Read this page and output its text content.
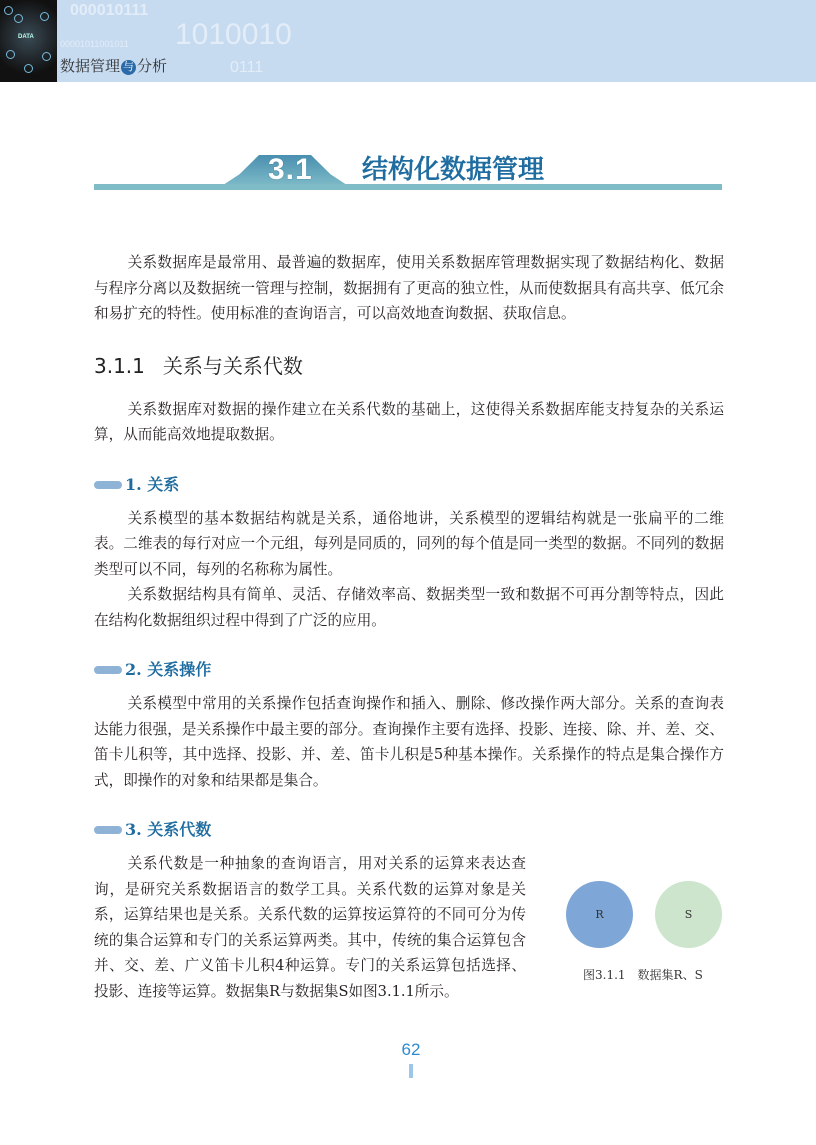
DATA
000010111
1010010
00001011001011
0111
数据管理 与 分析
3.1 结构化数据管理

关系数据库是最常用、最普遍的数据库，使用关系数据库管理数据实现了数据结构化、数据与程序分离以及数据统一管理与控制，数据拥有了更高的独立性，从而使数据具有高共享、低冗余和易扩充的特性。使用标准的查询语言，可以高效地查询数据、获取信息。

3.1.1 关系与关系代数

关系数据库对数据的操作建立在关系代数的基础上，这使得关系数据库能支持复杂的关系运算，从而能高效地提取数据。

1. 关系

关系模型的基本数据结构就是关系，通俗地讲，关系模型的逻辑结构就是一张扁平的二维表。二维表的每行对应一个元组，每列是同质的，同列的每个值是同一类型的数据。不同列的数据类型可以不同，每列的名称称为属性。

关系数据结构具有简单、灵活、存储效率高、数据类型一致和数据不可再分割等特点，因此在结构化数据组织过程中得到了广泛的应用。

2. 关系操作

关系模型中常用的关系操作包括查询操作和插入、删除、修改操作两大部分。关系的查询表达能力很强，是关系操作中最主要的部分。查询操作主要有选择、投影、连接、除、并、差、交、笛卡儿积等，其中选择、投影、并、差、笛卡儿积是5种基本操作。关系操作的特点是集合操作方式，即操作的对象和结果都是集合。

3. 关系代数

关系代数是一种抽象的查询语言，用对关系的运算来表达查询，是研究关系数据语言的数学工具。关系代数的运算对象是关系，运算结果也是关系。关系代数的运算按运算符的不同可分为传统的集合运算和专门的关系运算两类。其中，传统的集合运算包含并、交、差、广义笛卡儿积4种运算。专门的关系运算包括选择、投影、连接等运算。数据集R与数据集S如图3.1.1所示。

R	S
图3.1.1　数据集R、S
62
